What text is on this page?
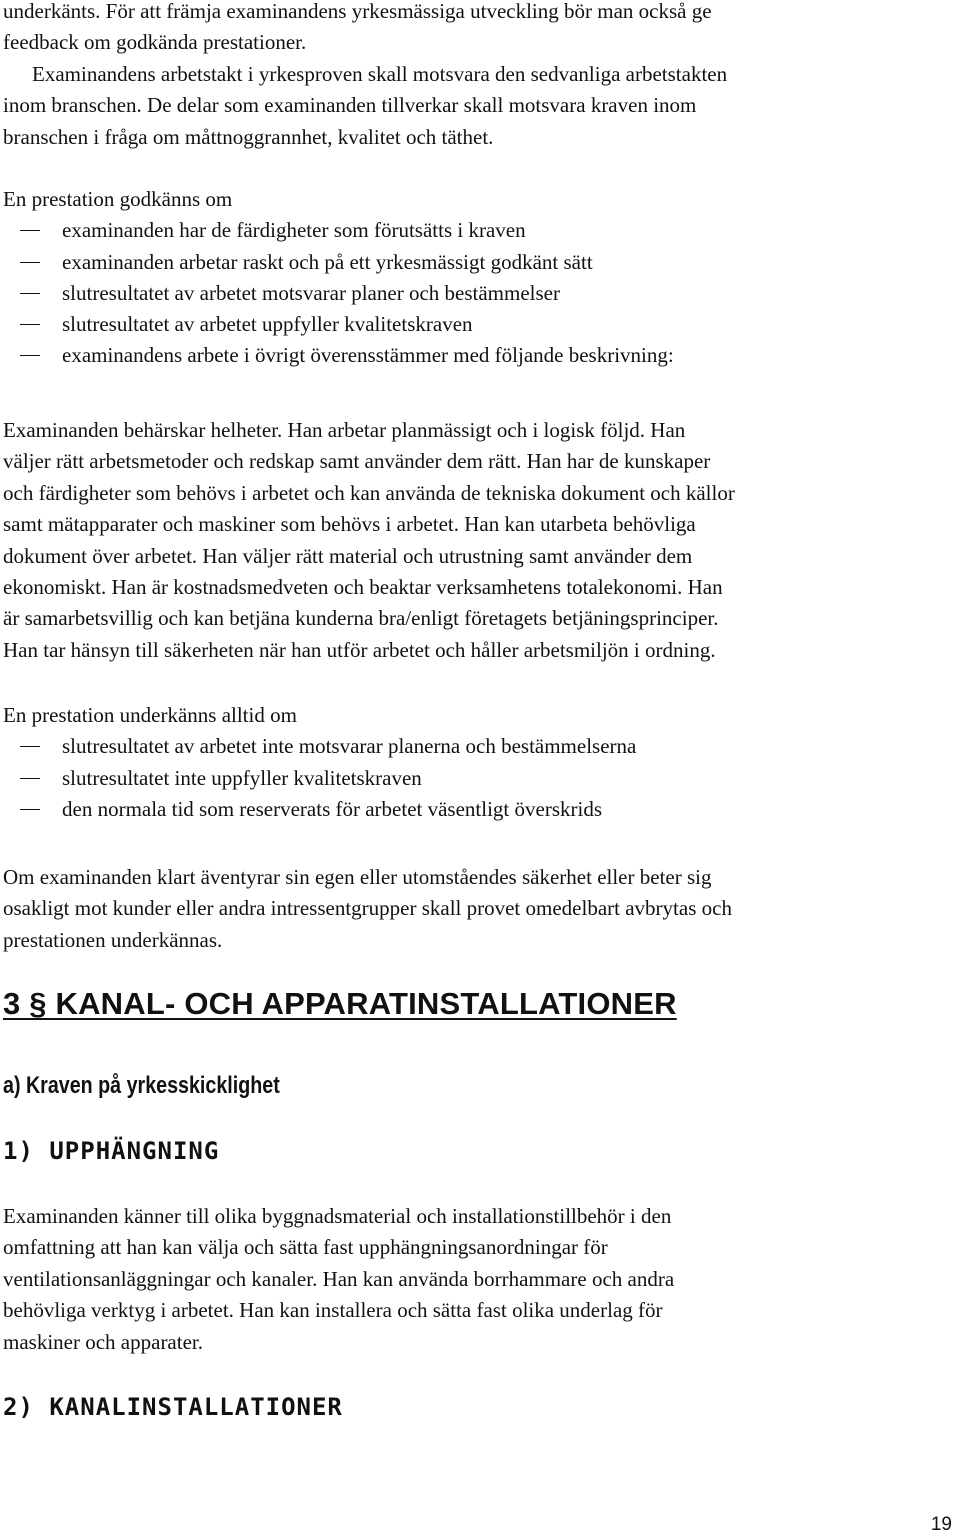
underkänts. För att främja examinandens yrkesmässiga utveckling bör man också ge
feedback om godkända prestationer.
Examinandens arbetstakt i yrkesproven skall motsvara den sedvanliga arbetstakten
inom branschen. De delar som examinanden tillverkar skall motsvara kraven inom
branschen i fråga om måttnoggrannhet, kvalitet och täthet.

En prestation godkänns om

examinanden har de färdigheter som förutsätts i kraven
examinanden arbetar raskt och på ett yrkesmässigt godkänt sätt
slutresultatet av arbetet motsvarar planer och bestämmelser
slutresultatet av arbetet uppfyller kvalitetskraven
examinandens arbete i övrigt överensstämmer med följande beskrivning:
Examinanden behärskar helheter. Han arbetar planmässigt och i logisk följd. Han
väljer rätt arbetsmetoder och redskap samt använder dem rätt. Han har de kunskaper
och färdigheter som behövs i arbetet och kan använda de tekniska dokument och källor
samt mätapparater och maskiner som behövs i arbetet. Han kan utarbeta behövliga
dokument över arbetet. Han väljer rätt material och utrustning samt använder dem
ekonomiskt. Han är kostnadsmedveten och beaktar verksamhetens totalekonomi. Han
är samarbetsvillig och kan betjäna kunderna bra/enligt företagets betjäningsprinciper.
Han tar hänsyn till säkerheten när han utför arbetet och håller arbetsmiljön i ordning.

En prestation underkänns alltid om

slutresultatet av arbetet inte motsvarar planerna och bestämmelserna
slutresultatet inte uppfyller kvalitetskraven
den normala tid som reserverats för arbetet väsentligt överskrids
Om examinanden klart äventyrar sin egen eller utomståendes säkerhet eller beter sig
osakligt mot kunder eller andra intressentgrupper skall provet omedelbart avbrytas och
prestationen underkännas.
3 § KANAL- OCH APPARATINSTALLATIONER
a) Kraven på yrkesskicklighet
1) UPPHÄNGNING
Examinanden känner till olika byggnadsmaterial och installationstillbehör i den
omfattning att han kan välja och sätta fast upphängningsanordningar för
ventilationsanläggningar och kanaler. Han kan använda borrhammare och andra
behövliga verktyg i arbetet. Han kan installera och sätta fast olika underlag för
maskiner och apparater.
2) KANALINSTALLATIONER
19
